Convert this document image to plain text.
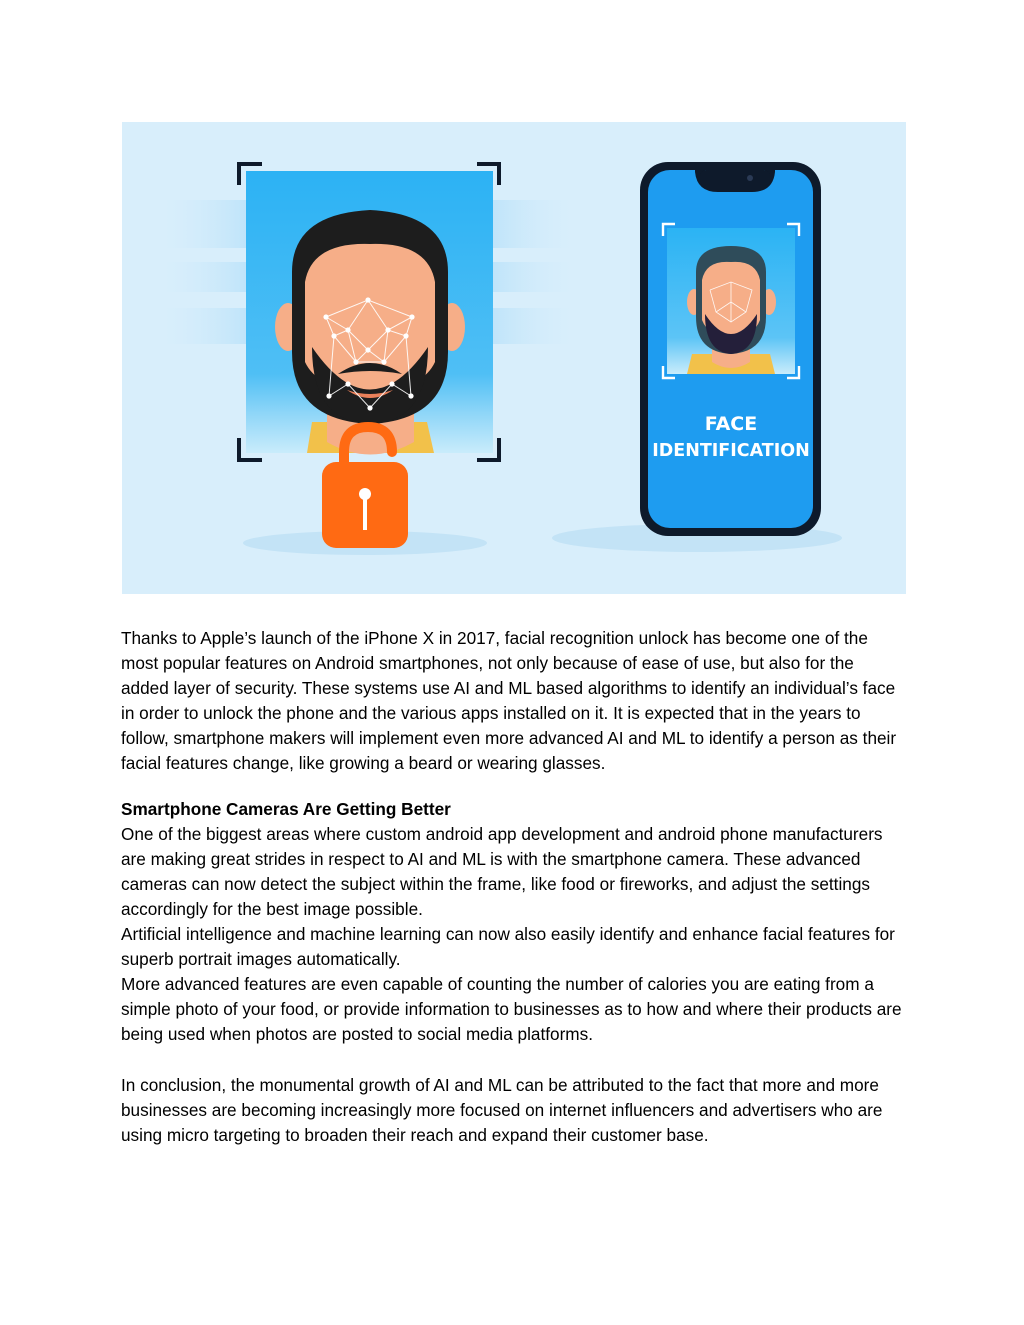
FACE
IDENTIFICATION

Thanks to Apple’s launch of the iPhone X in 2017, facial recognition unlock has become one of the most popular features on Android smartphones, not only because of ease of use, but also for the added layer of security. These systems use AI and ML based algorithms to identify an individual’s face in order to unlock the phone and the various apps installed on it. It is expected that in the years to follow, smartphone makers will implement even more advanced AI and ML to identify a person as their facial features change, like growing a beard or wearing glasses.

Smartphone Cameras Are Getting Better

One of the biggest areas where custom android app development and android phone manufacturers are making great strides in respect to AI and ML is with the smartphone camera. These advanced cameras can now detect the subject within the frame, like food or fireworks, and adjust the settings accordingly for the best image possible.

Artificial intelligence and machine learning can now also easily identify and enhance facial features for superb portrait images automatically.

More advanced features are even capable of counting the number of calories you are eating from a simple photo of your food, or provide information to businesses as to how and where their products are being used when photos are posted to social media platforms.

In conclusion, the monumental growth of AI and ML can be attributed to the fact that more and more businesses are becoming increasingly more focused on internet influencers and advertisers who are using micro targeting to broaden their reach and expand their customer base.
